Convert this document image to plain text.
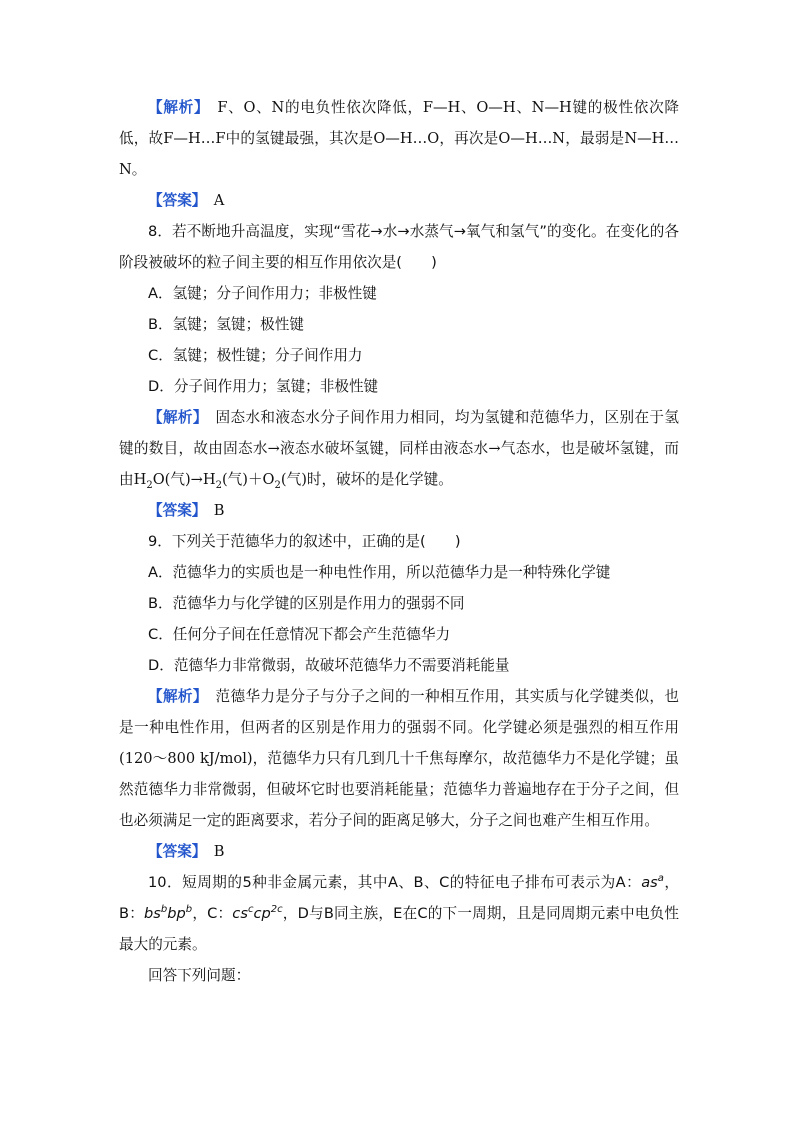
【解析】　 F、O、N的电负性依次降低，F—H、O—H、N—H键的极性依次降低，故F—H…F中的氢键最强，其次是O—H…O，再次是O—H…N，最弱是N—H…N。

【答案】　 A

8．若不断地升高温度，实现“雪花→水→水蒸气→氧气和氢气”的变化。在变化的各阶段被破坏的粒子间主要的相互作用依次是(　　)

A．氢键；分子间作用力；非极性键

B．氢键；氢键；极性键

C．氢键；极性键；分子间作用力

D．分子间作用力；氢键；非极性键

【解析】　 固态水和液态水分子间作用力相同，均为氢键和范德华力，区别在于氢键的数目，故由固态水→液态水破坏氢键，同样由液态水→气态水，也是破坏氢键，而由$H_2O$(气)$\to H_2$(气)$+O_2$(气)时，破坏的是化学键。

【答案】　 B

9．下列关于范德华力的叙述中，正确的是(　　)

A．范德华力的实质也是一种电性作用，所以范德华力是一种特殊化学键

B．范德华力与化学键的区别是作用力的强弱不同

C．任何分子间在任意情况下都会产生范德华力

D．范德华力非常微弱，故破坏范德华力不需要消耗能量

【解析】　 范德华力是分子与分子之间的一种相互作用，其实质与化学键类似，也是一种电性作用，但两者的区别是作用力的强弱不同。化学键必须是强烈的相互作用(120～800 kJ/mol)，范德华力只有几到几十千焦每摩尔，故范德华力不是化学键；虽然范德华力非常微弱，但破坏它时也要消耗能量；范德华力普遍地存在于分子之间，但也必须满足一定的距离要求，若分子间的距离足够大，分子之间也难产生相互作用。

【答案】　 B

10．短周期的5种非金属元素，其中A、B、C的特征电子排布可表示为A：$as^a$，B：$bs^bbp^b$，C：$cs^ccp^{2c}$，D与B同主族，E在C的下一周期，且是同周期元素中电负性最大的元素。

回答下列问题：
